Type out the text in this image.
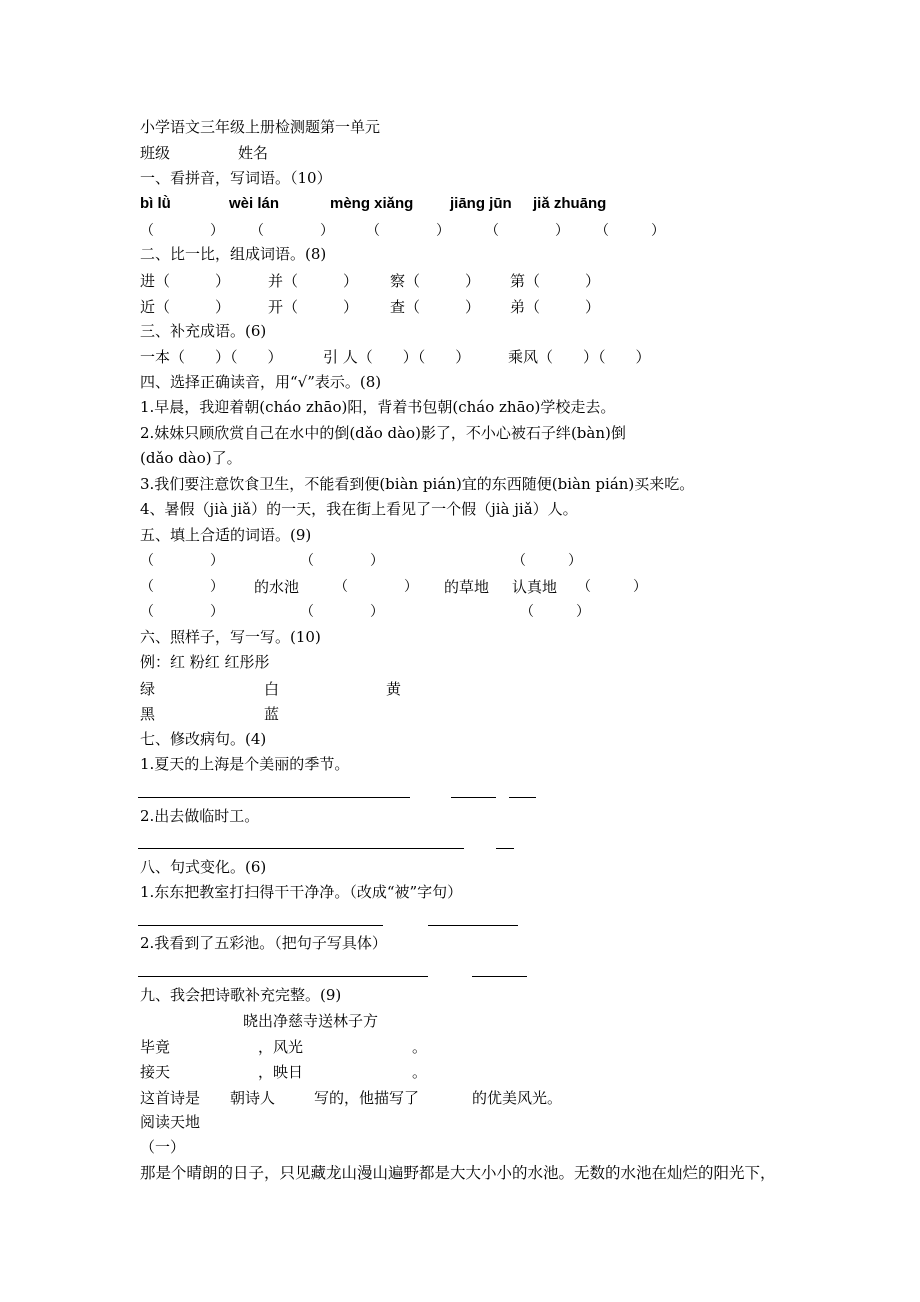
小学语文三年级上册检测题第一单元
班级	姓名
一、看拼音，写词语。（10）
bì lǜ	wèi lán	mèng xiǎng jiāng jūn jiǎ zhuāng
（　　　　） （　　　　） （　　　　）	（　　　　） （　　　）
二、比一比，组成词语。(8)
进（　　　）	并（　　　） 察（　　　） 第（　　　）
近（　　　）	开（　　　） 查（　　　） 弟（　　　）
三、补充成语。(6)
一本（　　）（　　）	引 人（　　）（　　）	乘风（　　）（　　）
四、选择正确读音，用“√”表示。(8)
1.早晨，我迎着朝(cháo zhāo)阳，背着书包朝(cháo zhāo)学校走去。
2.妹妹只顾欣赏自己在水中的倒(dǎo dào)影了，不小心被石子绊(bàn)倒
(dǎo dào)了。
3.我们要注意饮食卫生，不能看到便(biàn pián)宜的东西随便(biàn pián)买来吃。
4、暑假（jià jiǎ）的一天，我在街上看见了一个假（jià jiǎ）人。
五、填上合适的词语。(9)
（　　　　）	（　　　　）	（　　　）
（　　　　） 的水池 （　　　　） 的草地 认真地 （　　　）
（　　　　）	（　　　　）	（　　　）
六、照样子，写一写。(10)
例：红 粉红 红彤彤
绿	白	黄
黑	蓝
七、修改病句。(4)
1.夏天的上海是个美丽的季节。
2.出去做临时工。
八、句式变化。(6)
1.东东把教室打扫得干干净净。（改成“被”字句）
2.我看到了五彩池。（把句子写具体）
九、我会把诗歌补充完整。(9)
晓出净慈寺送林子方
毕竟	，风光	。
接天	，映日	。
这首诗是 朝诗人	写的，他描写了	的优美风光。
阅读天地
（一）
那是个晴朗的日子，只见藏龙山漫山遍野都是大大小小的水池。无数的水池在灿烂的阳光下，
